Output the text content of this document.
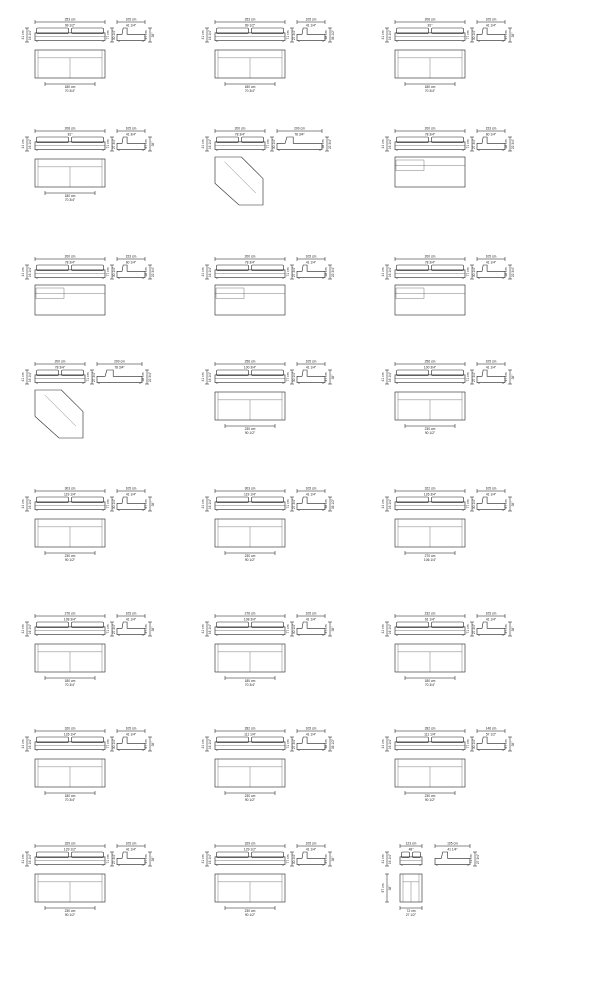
253 cm
99 1/2"
41 cm 16 1/4"
105 cm
41 1/4"
77 cm 30 1/4"	97 cm 38"
180 cm
70 3/4"
253 cm
99 1/2"
41 cm 16 1/4"
105 cm
41 1/4"
71 cm 27 3/4"	98 cm 38 1/2"
180 cm
70 3/4"
206 cm
81"
41 cm 16 1/4"
105 cm
41 1/4"
77 cm 30 1/4"	97 cm 38"
180 cm
70 3/4"
208 cm
81"
41 cm 16 1/4"
105 cm
41 3/4"
71 cm 27 3/4"	97 cm 38"
180 cm
70 3/4"
200 cm
78 3/4"
41 cm 16 1/4"
200 cm
78 3/4"
77 cm 30 1/4"	58 cm 22 3/4"
200 cm
78 3/4"
41 cm 16 1/4"
153 cm
60 1/4"
71 cm 27 3/4"	58 cm 22 3/4"
200 cm
78 3/4"
41 cm 16 1/4"
153 cm
60 1/4"
77 cm 30 1/4"	58 cm 22 3/4"
200 cm
78 3/4"
41 cm 16 1/4"
105 cm
41 1/4"
71 cm 27 3/4"	58 cm 22 3/4"
200 cm
78 3/4"
41 cm 16 1/4"
105 cm
41 1/4"
77 cm 30 1/4"	58 cm 22 3/4"
200 cm
78 3/4"
41 cm 16 1/4"
200 cm
78 3/4"
71 cm 27 3/4"	58 cm 22 3/4"
256 cm
100 3/4"
41 cm 16 1/4"
105 cm
41 1/4"
77 cm 30 1/4"	97 cm 38"
230 cm
90 1/2"
256 cm
100 3/4"
41 cm 16 1/4"
105 cm
41 1/4"
71 cm 27 3/4"	97 cm 38"
230 cm
90 1/2"
303 cm
119 1/4"
41 cm 16 1/4"
105 cm
41 1/4"
77 cm 30 1/4"	97 cm 38"
230 cm
90 1/2"
303 cm
119 1/4"
41 cm 16 1/4"
105 cm
41 1/4"
71 cm 27 3/4"	98 cm 38 1/2"
230 cm
90 1/2"
322 cm
126 3/4"
41 cm 16 1/4"
105 cm
41 1/4"
77 cm 30 1/4"	97 cm 38"
270 cm
106 1/4"
276 cm
108 3/4"
41 cm 16 1/4"
105 cm
41 1/4"
71 cm 27 3/4"	97 cm 38"
180 cm
70 3/4"
276 cm
108 3/4"
41 cm 16 1/4"
105 cm
41 1/4"
77 cm 30 1/4"	97 cm 38"
180 cm
70 3/4"
232 cm
91 1/4"
41 cm 16 1/4"
105 cm
41 1/4"
71 cm 27 3/4"	97 cm 38"
180 cm
70 3/4"
320 cm
126 1/4"
41 cm 16 1/4"
105 cm
41 1/4"
77 cm 30 1/4"	97 cm 38"
180 cm
70 3/4"
282 cm
111 1/4"
41 cm 16 1/4"
105 cm
41 1/4"
71 cm 27 3/4"	98 cm 38 1/2"
230 cm
90 1/2"
282 cm
111 1/4"
41 cm 16 1/4"
146 cm
57 1/2"
77 cm 30 1/4"	97 cm 38"
230 cm
90 1/2"
329 cm
129 1/2"
41 cm 16 1/4"
105 cm
41 1/4"
71 cm 27 3/4"	97 cm 38"
230 cm
90 1/2"
329 cm
129 1/2"
41 cm 16 1/4"
105 cm
41 1/4"
77 cm 30 1/4"	97 cm 38"
230 cm
90 1/2"
123 cm
48"
41 cm 16 1/4"
105 cm
41 1/4"
71 cm 27 3/4"
97 cm 38"
72 cm
27 1/2"
